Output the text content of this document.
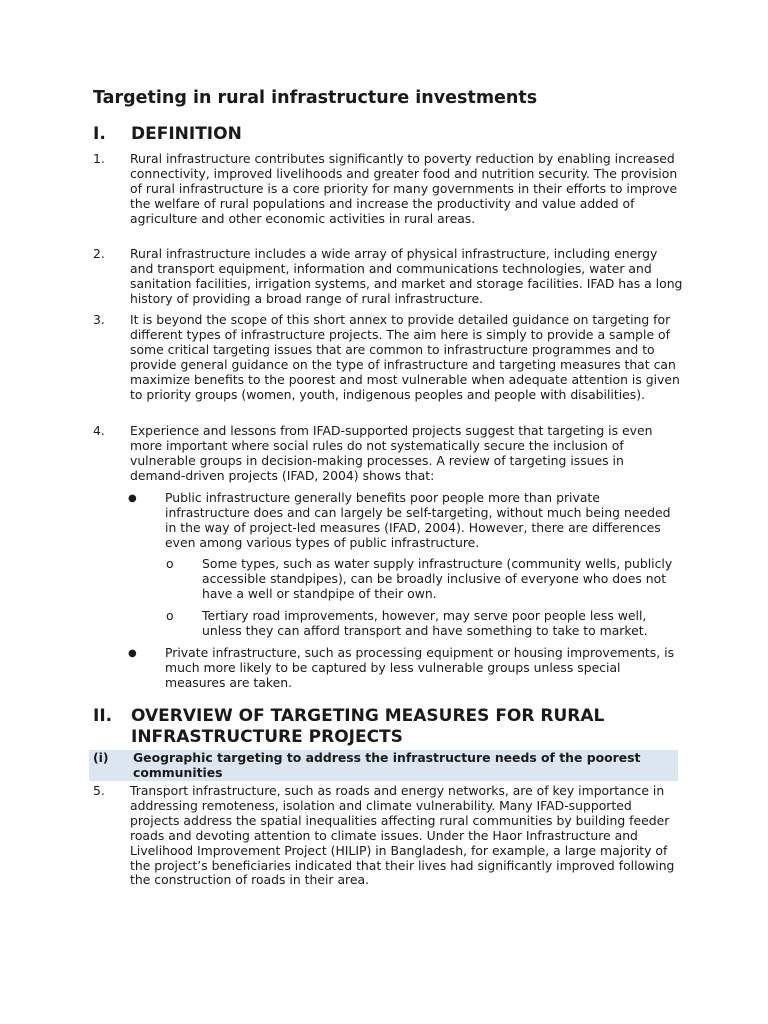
Targeting in rural infrastructure investments
I.	DEFINITION
1.	Rural infrastructure contributes significantly to poverty reduction by enabling increased connectivity, improved livelihoods and greater food and nutrition security. The provision of rural infrastructure is a core priority for many governments in their efforts to improve the welfare of rural populations and increase the productivity and value added of agriculture and other economic activities in rural areas.
2.	Rural infrastructure includes a wide array of physical infrastructure, including energy and transport equipment, information and communications technologies, water and sanitation facilities, irrigation systems, and market and storage facilities. IFAD has a long history of providing a broad range of rural infrastructure.
3.	It is beyond the scope of this short annex to provide detailed guidance on targeting for different types of infrastructure projects. The aim here is simply to provide a sample of some critical targeting issues that are common to infrastructure programmes and to provide general guidance on the type of infrastructure and targeting measures that can maximize benefits to the poorest and most vulnerable when adequate attention is given to priority groups (women, youth, indigenous peoples and people with disabilities).
4.	Experience and lessons from IFAD-supported projects suggest that targeting is even more important where social rules do not systematically secure the inclusion of vulnerable groups in decision-making processes. A review of targeting issues in demand-driven projects (IFAD, 2004) shows that:
●	Public infrastructure generally benefits poor people more than private infrastructure does and can largely be self-targeting, without much being needed in the way of project-led measures (IFAD, 2004). However, there are differences even among various types of public infrastructure.
o	Some types, such as water supply infrastructure (community wells, publicly accessible standpipes), can be broadly inclusive of everyone who does not have a well or standpipe of their own.
o	Tertiary road improvements, however, may serve poor people less well, unless they can afford transport and have something to take to market.
●	Private infrastructure, such as processing equipment or housing improvements, is much more likely to be captured by less vulnerable groups unless special measures are taken.
II.	OVERVIEW OF TARGETING MEASURES FOR RURAL INFRASTRUCTURE PROJECTS
(i)	Geographic targeting to address the infrastructure needs of the poorest communities
5.	Transport infrastructure, such as roads and energy networks, are of key importance in addressing remoteness, isolation and climate vulnerability. Many IFAD-supported projects address the spatial inequalities affecting rural communities by building feeder roads and devoting attention to climate issues. Under the Haor Infrastructure and Livelihood Improvement Project (HILIP) in Bangladesh, for example, a large majority of the project’s beneficiaries indicated that their lives had significantly improved following the construction of roads in their area.
